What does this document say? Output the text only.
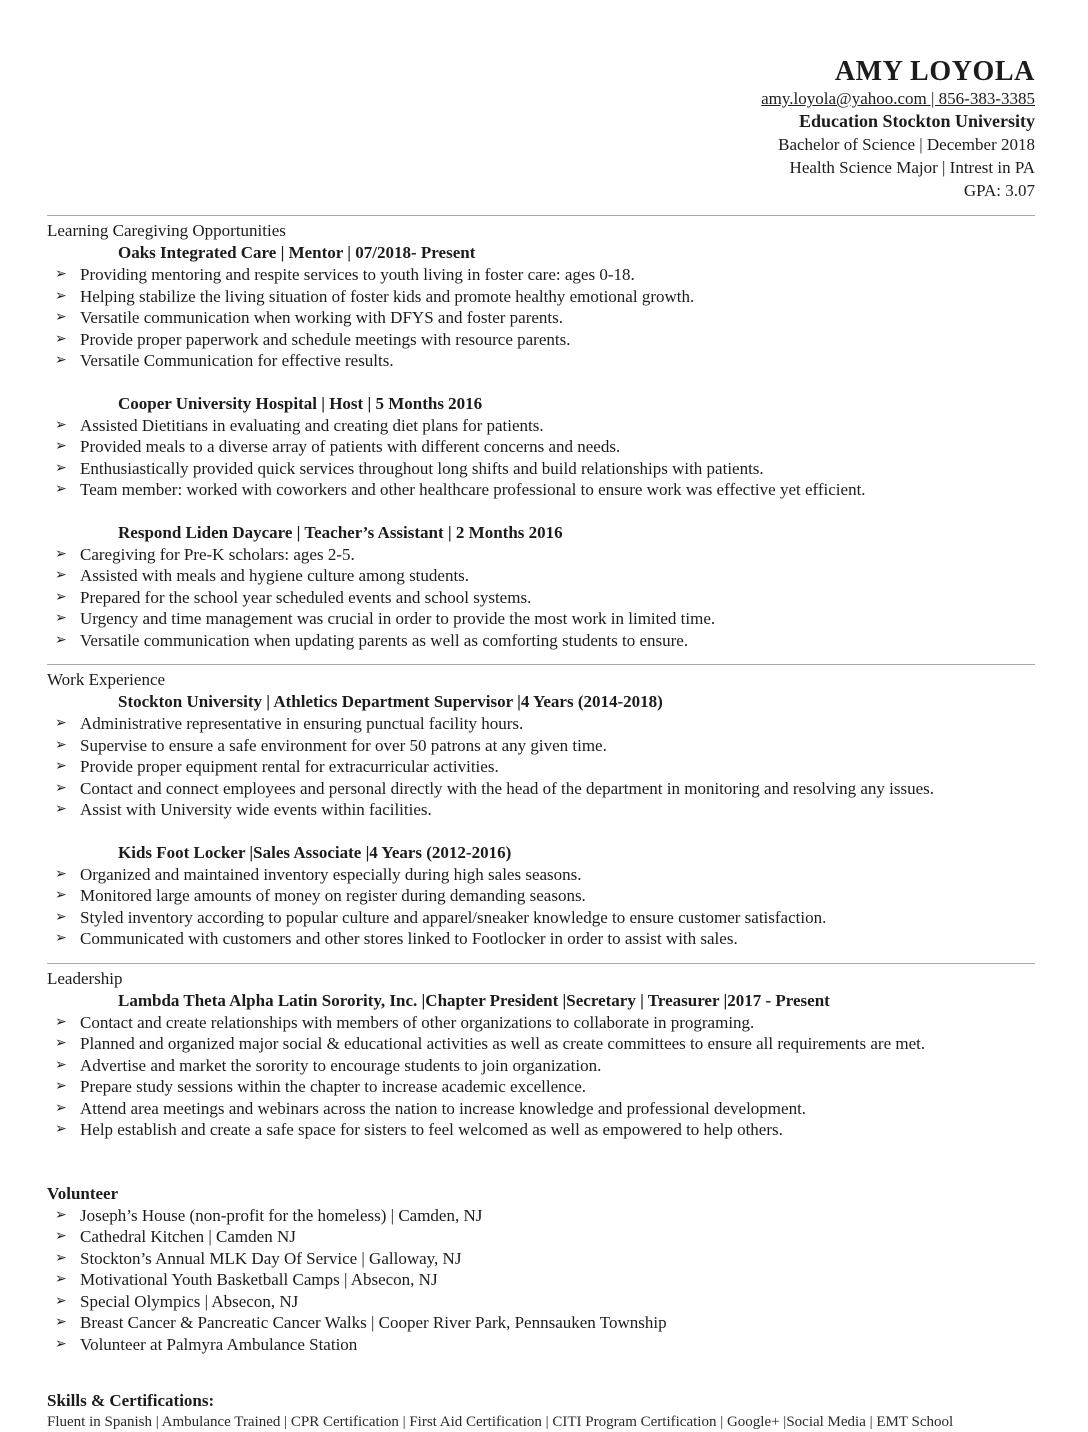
AMY LOYOLA
amy.loyola@yahoo.com | 856-383-3385
Education Stockton University
Bachelor of Science | December 2018
Health Science Major | Intrest in PA
GPA: 3.07
Learning Caregiving Opportunities
Oaks Integrated Care | Mentor | 07/2018- Present
➢ Providing mentoring and respite services to youth living in foster care: ages 0-18.
➢ Helping stabilize the living situation of foster kids and promote healthy emotional growth.
➢ Versatile communication when working with DFYS and foster parents.
➢ Provide proper paperwork and schedule meetings with resource parents.
➢ Versatile Communication for effective results.
Cooper University Hospital | Host | 5 Months 2016
➢ Assisted Dietitians in evaluating and creating diet plans for patients.
➢ Provided meals to a diverse array of patients with different concerns and needs.
➢ Enthusiastically provided quick services throughout long shifts and build relationships with patients.
➢ Team member: worked with coworkers and other healthcare professional to ensure work was effective yet efficient.
Respond Liden Daycare | Teacher’s Assistant | 2 Months 2016
➢ Caregiving for Pre-K scholars: ages 2-5.
➢ Assisted with meals and hygiene culture among students.
➢ Prepared for the school year scheduled events and school systems.
➢ Urgency and time management was crucial in order to provide the most work in limited time.
➢ Versatile communication when updating parents as well as comforting students to ensure.
Work Experience
Stockton University | Athletics Department Supervisor |4 Years (2014-2018)
➢ Administrative representative in ensuring punctual facility hours.
➢ Supervise to ensure a safe environment for over 50 patrons at any given time.
➢ Provide proper equipment rental for extracurricular activities.
➢ Contact and connect employees and personal directly with the head of the department in monitoring and resolving any issues.
➢ Assist with University wide events within facilities.
Kids Foot Locker |Sales Associate |4 Years (2012-2016)
➢ Organized and maintained inventory especially during high sales seasons.
➢ Monitored large amounts of money on register during demanding seasons.
➢ Styled inventory according to popular culture and apparel/sneaker knowledge to ensure customer satisfaction.
➢ Communicated with customers and other stores linked to Footlocker in order to assist with sales.
Leadership
Lambda Theta Alpha Latin Sorority, Inc. |Chapter President |Secretary | Treasurer |2017 - Present
➢ Contact and create relationships with members of other organizations to collaborate in programing.
➢ Planned and organized major social & educational activities as well as create committees to ensure all requirements are met.
➢ Advertise and market the sorority to encourage students to join organization.
➢ Prepare study sessions within the chapter to increase academic excellence.
➢ Attend area meetings and webinars across the nation to increase knowledge and professional development.
➢ Help establish and create a safe space for sisters to feel welcomed as well as empowered to help others.
Volunteer
➢ Joseph’s House (non-profit for the homeless) | Camden, NJ
➢ Cathedral Kitchen | Camden NJ
➢ Stockton’s Annual MLK Day Of Service | Galloway, NJ
➢ Motivational Youth Basketball Camps | Absecon, NJ
➢ Special Olympics | Absecon, NJ
➢ Breast Cancer & Pancreatic Cancer Walks | Cooper River Park, Pennsauken Township
➢ Volunteer at Palmyra Ambulance Station
Skills & Certifications:
Fluent in Spanish | Ambulance Trained | CPR Certification | First Aid Certification | CITI Program Certification | Google+ |Social Media | EMT School
